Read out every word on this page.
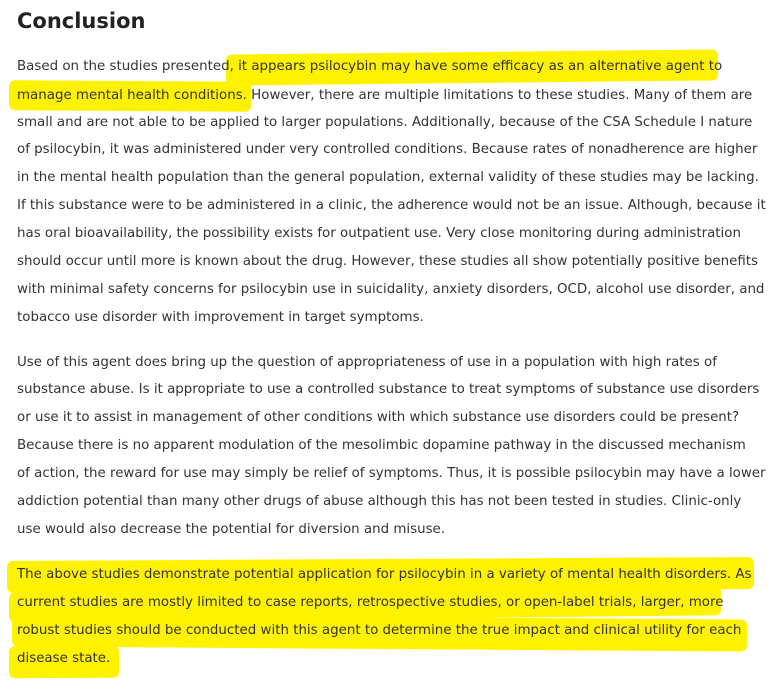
Conclusion
Based on the studies presented, it appears psilocybin may have some efficacy as an alternative agent to
manage mental health conditions. However, there are multiple limitations to these studies. Many of them are
small and are not able to be applied to larger populations. Additionally, because of the CSA Schedule I nature
of psilocybin, it was administered under very controlled conditions. Because rates of nonadherence are higher
in the mental health population than the general population, external validity of these studies may be lacking.
If this substance were to be administered in a clinic, the adherence would not be an issue. Although, because it
has oral bioavailability, the possibility exists for outpatient use. Very close monitoring during administration
should occur until more is known about the drug. However, these studies all show potentially positive benefits
with minimal safety concerns for psilocybin use in suicidality, anxiety disorders, OCD, alcohol use disorder, and
tobacco use disorder with improvement in target symptoms.
Use of this agent does bring up the question of appropriateness of use in a population with high rates of
substance abuse. Is it appropriate to use a controlled substance to treat symptoms of substance use disorders
or use it to assist in management of other conditions with which substance use disorders could be present?
Because there is no apparent modulation of the mesolimbic dopamine pathway in the discussed mechanism
of action, the reward for use may simply be relief of symptoms. Thus, it is possible psilocybin may have a lower
addiction potential than many other drugs of abuse although this has not been tested in studies. Clinic-only
use would also decrease the potential for diversion and misuse.
The above studies demonstrate potential application for psilocybin in a variety of mental health disorders. As
current studies are mostly limited to case reports, retrospective studies, or open-label trials, larger, more
robust studies should be conducted with this agent to determine the true impact and clinical utility for each
disease state.
